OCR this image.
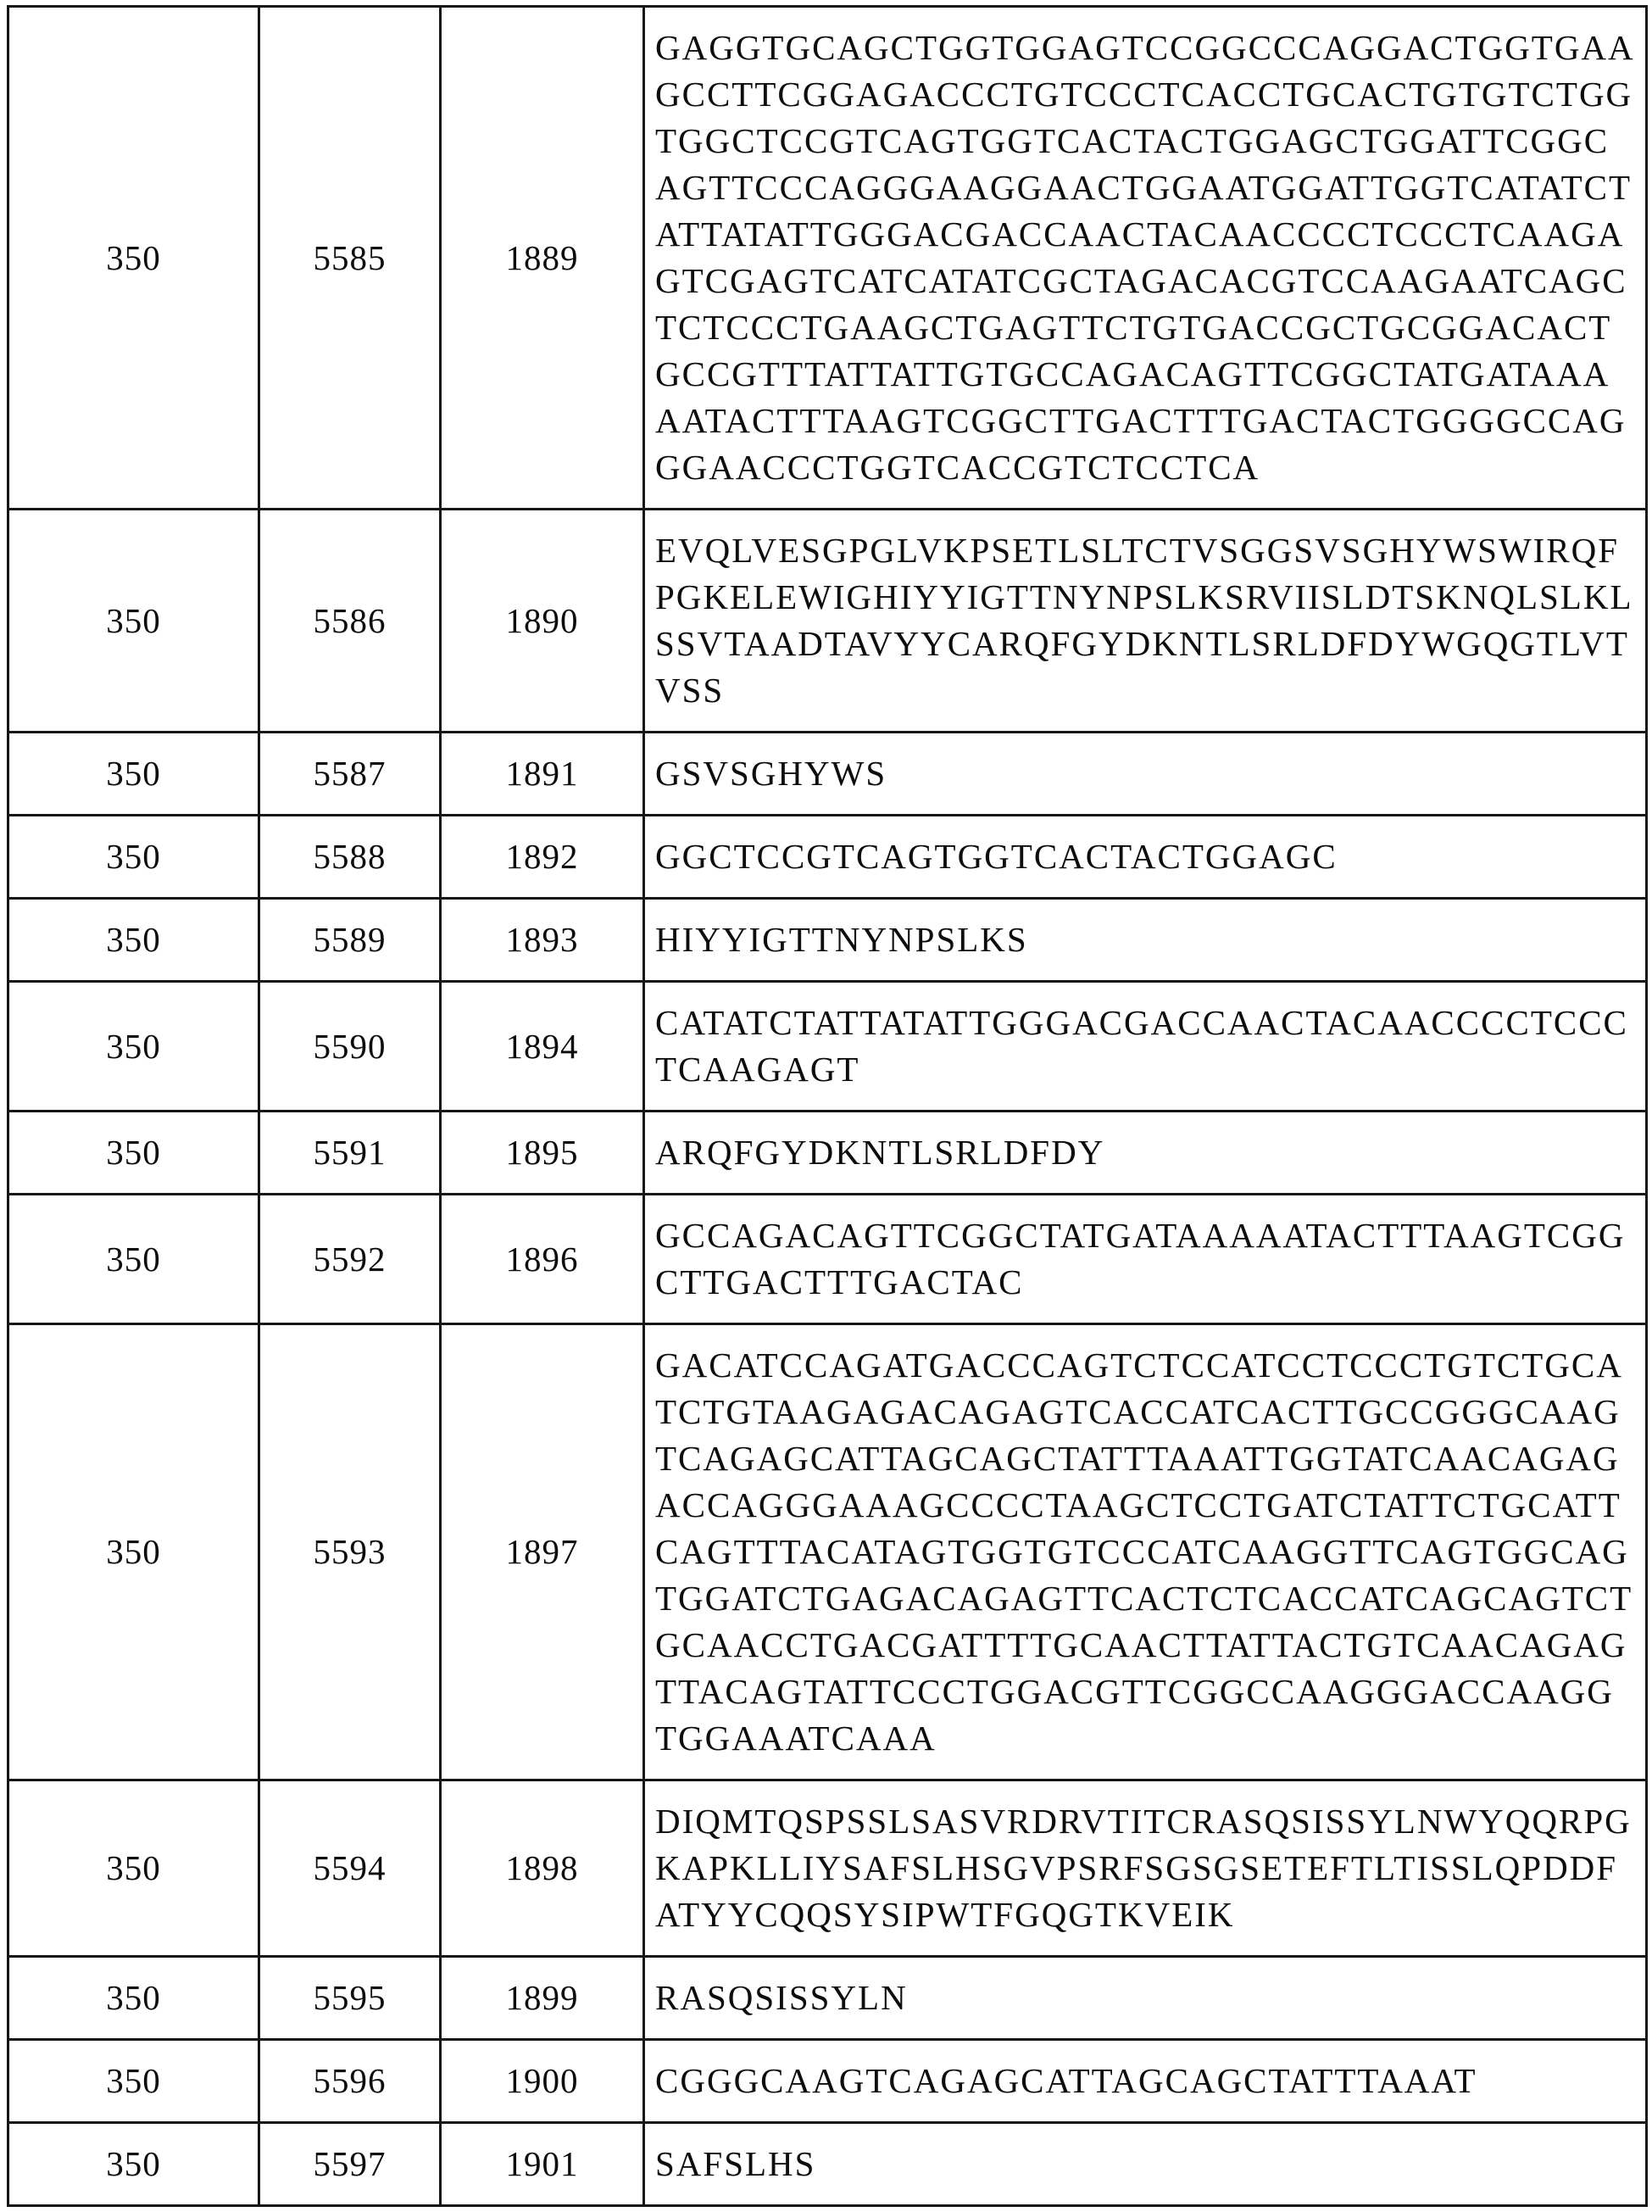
350	5585	1889	GAGGTGCAGCTGGTGGAGTCCGGCCCAGGACTGGTGAAGCCTTCGGAGACCCTGTCCCTCACCTGCACTGTGTCTGGTGGCTCCGTCAGTGGTCACTACTGGAGCTGGATTCGGCAGTTCCCAGGGAAGGAACTGGAATGGATTGGTCATATCTATTATATTGGGACGACCAACTACAACCCCTCCCTCAAGAGTCGAGTCATCATATCGCTAGACACGTCCAAGAATCAGCTCTCCCTGAAGCTGAGTTCTGTGACCGCTGCGGACACTGCCGTTTATTATTGTGCCAGACAGTTCGGCTATGATAAAAATACTTTAAGTCGGCTTGACTTTGACTACTGGGGCCAGGGAACCCTGGTCACCGTCTCCTCA
350	5586	1890	EVQLVESGPGLVKPSETLSLTCTVSGGSVSGHYWSWIRQFPGKELEWIGHIYYIGTTNYNPSLKSRVIISLDTSKNQLSLKLSSVTAADTAVYYCARQFGYDKNTLSRLDFDYWGQGTLVTVSS
350	5587	1891	GSVSGHYWS
350	5588	1892	GGCTCCGTCAGTGGTCACTACTGGAGC
350	5589	1893	HIYYIGTTNYNPSLKS
350	5590	1894	CATATCTATTATATTGGGACGACCAACTACAACCCCTCCCTCAAGAGT
350	5591	1895	ARQFGYDKNTLSRLDFDY
350	5592	1896	GCCAGACAGTTCGGCTATGATAAAAATACTTTAAGTCGGCTTGACTTTGACTAC
350	5593	1897	GACATCCAGATGACCCAGTCTCCATCCTCCCTGTCTGCATCTGTAAGAGACAGAGTCACCATCACTTGCCGGGCAAGTCAGAGCATTAGCAGCTATTTAAATTGGTATCAACAGAGACCAGGGAAAGCCCCTAAGCTCCTGATCTATTCTGCATTCAGTTTACATAGTGGTGTCCCATCAAGGTTCAGTGGCAGTGGATCTGAGACAGAGTTCACTCTCACCATCAGCAGTCTGCAACCTGACGATTTTGCAACTTATTACTGTCAACAGAGTTACAGTATTCCCTGGACGTTCGGCCAAGGGACCAAGGTGGAAATCAAA
350	5594	1898	DIQMTQSPSSLSASVRDRVTITCRASQSISSYLNWYQQRPGKAPKLLIYSAFSLHSGVPSRFSGSGSETEFTLTISSLQPDDFATYYCQQSYSIPWTFGQGTKVEIK
350	5595	1899	RASQSISSYLN
350	5596	1900	CGGGCAAGTCAGAGCATTAGCAGCTATTTAAAT
350	5597	1901	SAFSLHS
